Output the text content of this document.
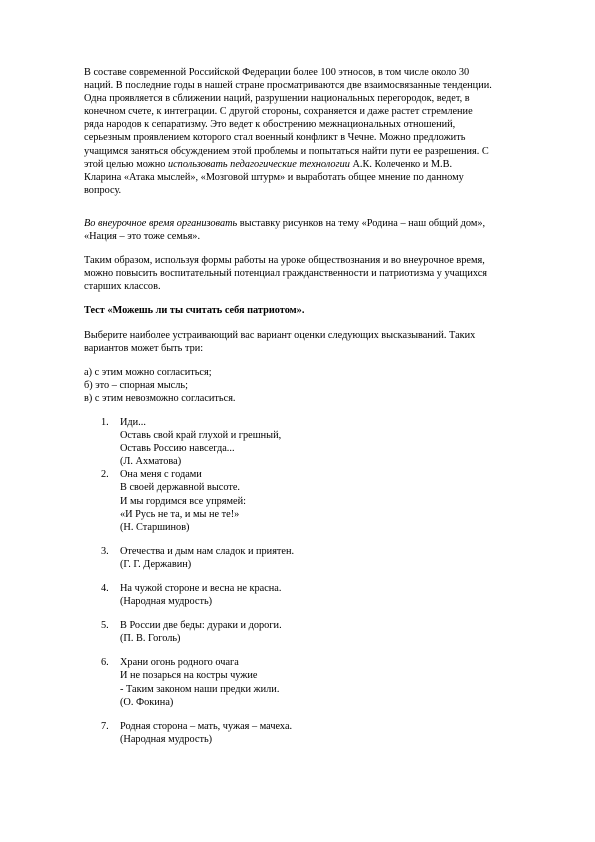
В составе современной Российской Федерации более 100 этносов, в том числе около 30
наций. В последние годы в нашей стране просматриваются две взаимосвязанные тенденции.
Одна проявляется в сближении наций, разрушении национальных перегородок, ведет, в
конечном счете, к интеграции. С другой стороны, сохраняется и даже растет стремление
ряда народов к сепаратизму. Это ведет к обострению межнациональных отношений,
серьезным проявлением которого стал военный конфликт в Чечне. Можно предложить
учащимся заняться обсуждением этой проблемы и попытаться найти пути ее разрешения. С
этой целью можно использовать педагогические технологии А.К. Колеченко и М.В.
Кларина «Атака мыслей», «Мозговой штурм» и выработать общее мнение по данному
вопросу.

Во внеурочное время организовать выставку рисунков на тему «Родина – наш общий дом»,
«Нация – это тоже семья».
Таким образом, используя формы работы на уроке обществознания и во внеурочное время,
можно повысить воспитательный потенциал гражданственности и патриотизма у учащихся
старших классов.
Тест «Можешь ли ты считать себя патриотом».
Выберите наиболее устраивающий вас вариант оценки следующих высказываний. Таких
вариантов может быть три:
а) с этим можно согласиться;
б) это – спорная мысль;
в) с этим невозможно согласиться.
1. Иди...
Оставь свой край глухой и грешный,
Оставь Россию навсегда...
(Л. Ахматова)
2. Она меня с годами
В своей державной высоте.
И мы гордимся все упрямей:
«И Русь не та, и мы не те!»
(Н. Старшинов)
3. Отечества и дым нам сладок и приятен.
(Г. Г. Державин)
4. На чужой стороне и весна не красна.
(Народная мудрость)
5. В России две беды: дураки и дороги.
(П. В. Гоголь)
6. Храни огонь родного очага
И не позарься на костры чужие
- Таким законом наши предки жили.
(О. Фокина)
7. Родная сторона – мать, чужая – мачеха.
(Народная мудрость)
